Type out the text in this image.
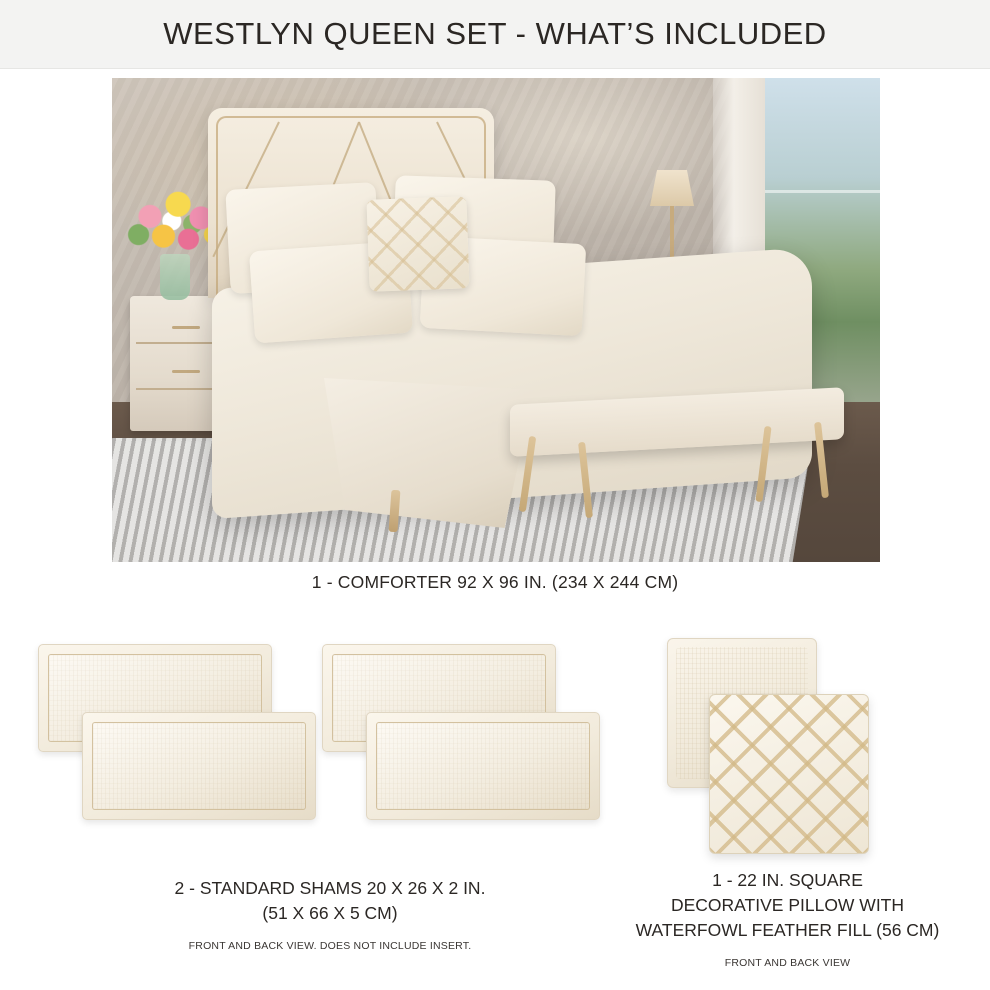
WESTLYN QUEEN SET - WHAT’S INCLUDED
1 - COMFORTER 92 X 96 IN. (234 X 244 CM)
2 - STANDARD SHAMS 20 X 26 X 2 IN.
(51 X 66 X 5 CM)
FRONT AND BACK VIEW. DOES NOT INCLUDE INSERT.
1 - 22 IN. SQUARE
DECORATIVE PILLOW WITH
WATERFOWL FEATHER FILL (56 CM)
FRONT AND BACK VIEW
